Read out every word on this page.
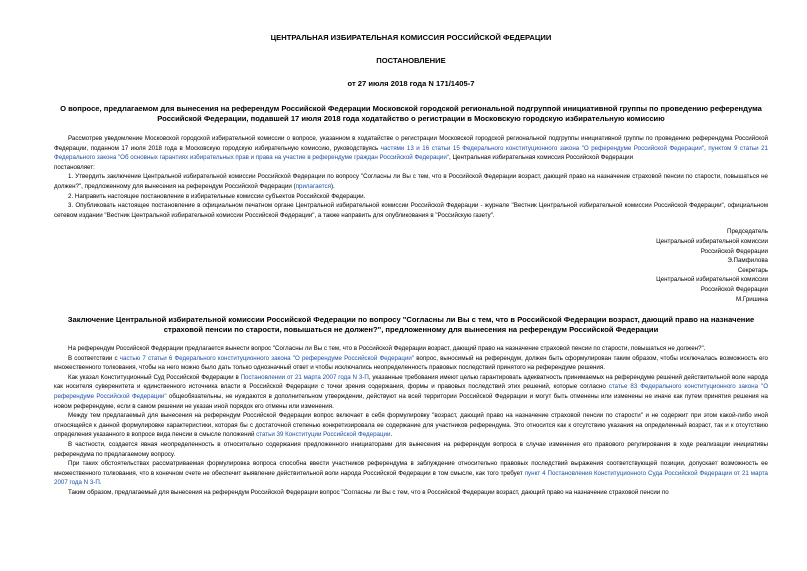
ЦЕНТРАЛЬНАЯ ИЗБИРАТЕЛЬНАЯ КОМИССИЯ РОССИЙСКОЙ ФЕДЕРАЦИИ
ПОСТАНОВЛЕНИЕ
от 27 июля 2018 года N 171/1405-7
О вопросе, предлагаемом для вынесения на референдум Российской Федерации Московской городской региональной подгруппой инициативной группы по проведению референдума Российской Федерации, подавшей 17 июля 2018 года ходатайство о регистрации в Московскую городскую избирательную комиссию

Рассмотрев уведомление Московской городской избирательной комиссии о вопросе, указанном в ходатайстве о регистрации Московской городской региональной подгруппы инициативной группы по проведению референдума Российской Федерации, поданном 17 июля 2018 года в Московскую городскую избирательную комиссию, руководствуясь частями 13 и 16 статьи 15 Федерального конституционного закона "О референдуме Российской Федерации", пунктом 9 статьи 21 Федерального закона "Об основных гарантиях избирательных прав и права на участие в референдуме граждан Российской Федерации", Центральная избирательная комиссия Российской Федерации

постановляет:

1. Утвердить заключение Центральной избирательной комиссии Российской Федерации по вопросу "Согласны ли Вы с тем, что в Российской Федерации возраст, дающий право на назначение страховой пенсии по старости, повышаться не должен?", предложенному для вынесения на референдум Российской Федерации (прилагается).

2. Направить настоящее постановление в избирательные комиссии субъектов Российской Федерации.

3. Опубликовать настоящее постановление в официальном печатном органе Центральной избирательной комиссии Российской Федерации - журнале "Вестник Центральной избирательной комиссии Российской Федерации", официальном сетевом издании "Вестник Центральной избирательной комиссии Российской Федерации", а также направить для опубликования в "Российскую газету".

Председатель

Центральной избирательной комиссии

Российской Федерации

Э.Памфилова

Секретарь

Центральной избирательной комиссии

Российской Федерации

М.Гришина

Заключение Центральной избирательной комиссии Российской Федерации по вопросу "Согласны ли Вы с тем, что в Российской Федерации возраст, дающий право на назначение страховой пенсии по старости, повышаться не должен?", предложенному для вынесения на референдум Российской Федерации

На референдум Российской Федерации предлагается вынести вопрос "Согласны ли Вы с тем, что в Российской Федерации возраст, дающий право на назначение страховой пенсии по старости, повышаться не должен?".

В соответствии с частью 7 статьи 6 Федерального конституционного закона "О референдуме Российской Федерации" вопрос, выносимый на референдум, должен быть сформулирован таким образом, чтобы исключалась возможность его множественного толкования, чтобы на него можно было дать только однозначный ответ и чтобы исключались неопределенность правовых последствий принятого на референдуме решения.

Как указал Конституционный Суд Российской Федерации в Постановлении от 21 марта 2007 года N 3-П, указанные требования имеют целью гарантировать адекватность принимаемых на референдуме решений действительной воле народа как носителя суверенитета и единственного источника власти в Российской Федерации с точки зрения содержания, формы и правовых последствий этих решений, которые согласно статье 83 Федерального конституционного закона "О референдуме Российской Федерации" общеобязательны, не нуждаются в дополнительном утверждении, действуют на всей территории Российской Федерации и могут быть отменены или изменены не иначе как путем принятия решения на новом референдуме, если в самом решении не указан иной порядок его отмены или изменения.

Между тем предлагаемый для вынесения на референдум Российской Федерации вопрос включает в себя формулировку "возраст, дающий право на назначение страховой пенсии по старости" и не содержит при этом какой-либо иной относящейся к данной формулировке характеристики, которая бы с достаточной степенью конкретизировала ее содержание для участников референдума. Это относится как к отсутствию указания на определенный возраст, так и к отсутствию определения указанного в вопросе вида пенсии в смысле положений статьи 39 Конституции Российской Федерации.

В частности, создается явная неопределенность в относительно содержания предложенного инициаторами для вынесения на референдум вопроса в случае изменения его правового регулирования в ходе реализации инициативы референдума по предлагаемому вопросу.

При таких обстоятельствах рассматриваемая формулировка вопроса способна ввести участников референдума в заблуждение относительно правовых последствий выражения соответствующей позиции, допускает возможность ее множественного толкования, что в конечном счете не обеспечит выявление действительной воли народа Российской Федерации в том смысле, как того требует пункт 4 Постановления Конституционного Суда Российской Федерации от 21 марта 2007 года N 3-П.

Таким образом, предлагаемый для вынесения на референдум Российской Федерации вопрос "Согласны ли Вы с тем, что в Российской Федерации возраст, дающий право на назначение страховой пенсии по
